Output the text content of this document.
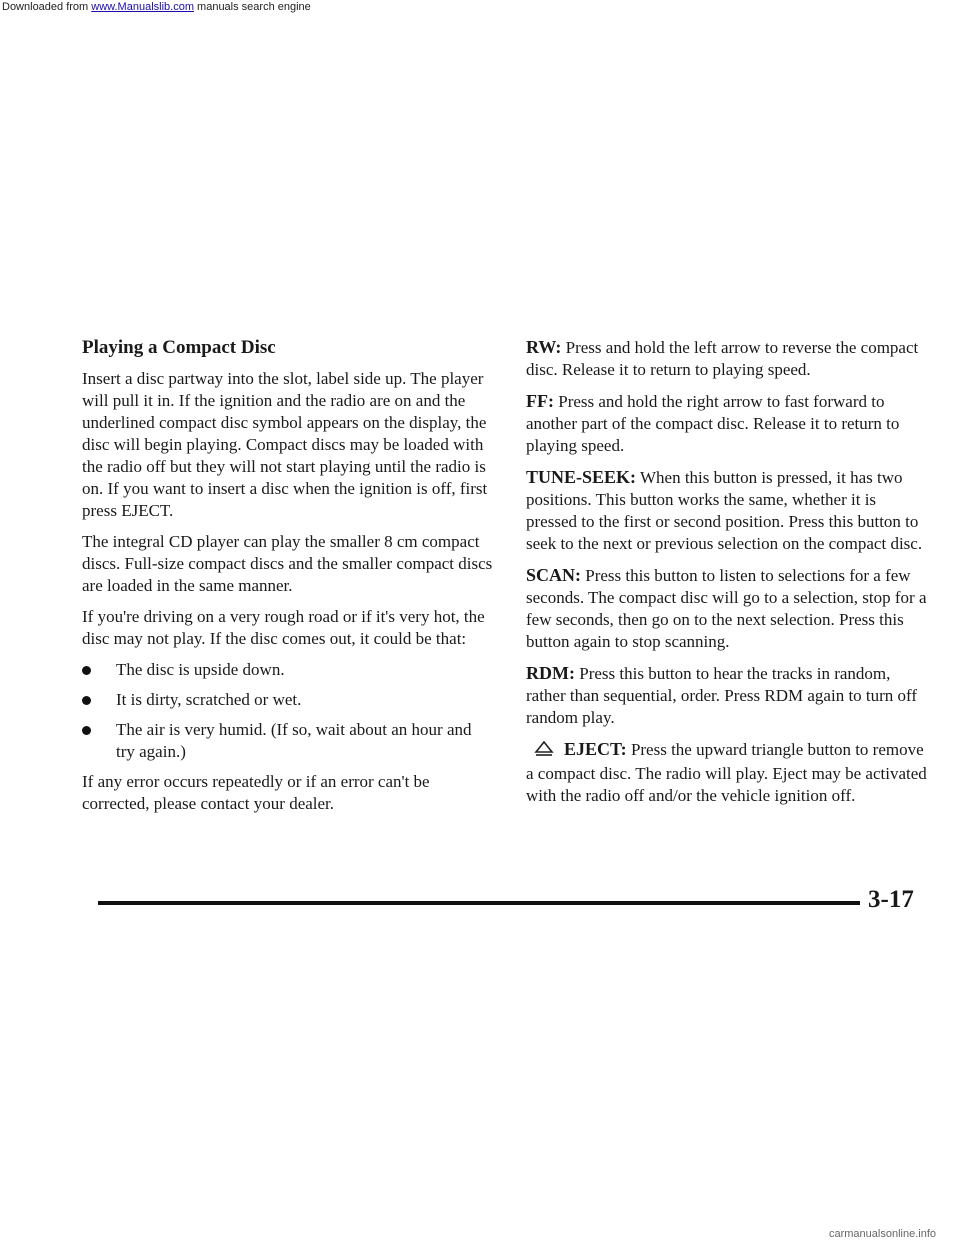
Downloaded from www.Manualslib.com manuals search engine
Playing a Compact Disc

Insert a disc partway into the slot, label side up. The player will pull it in. If the ignition and the radio are on and the underlined compact disc symbol appears on the display, the disc will begin playing. Compact discs may be loaded with the radio off but they will not start playing until the radio is on. If you want to insert a disc when the ignition is off, first press EJECT.

The integral CD player can play the smaller 8 cm compact discs. Full-size compact discs and the smaller compact discs are loaded in the same manner.

If you're driving on a very rough road or if it's very hot, the disc may not play. If the disc comes out, it could be that:

The disc is upside down.
It is dirty, scratched or wet.
The air is very humid. (If so, wait about an hour and try again.)

If any error occurs repeatedly or if an error can't be corrected, please contact your dealer.

RW: Press and hold the left arrow to reverse the compact disc. Release it to return to playing speed.

FF: Press and hold the right arrow to fast forward to another part of the compact disc. Release it to return to playing speed.

TUNE-SEEK: When this button is pressed, it has two positions. This button works the same, whether it is pressed to the first or second position. Press this button to seek to the next or previous selection on the compact disc.

SCAN: Press this button to listen to selections for a few seconds. The compact disc will go to a selection, stop for a few seconds, then go on to the next selection. Press this button again to stop scanning.

RDM: Press this button to hear the tracks in random, rather than sequential, order. Press RDM again to turn off random play.

EJECT: Press the upward triangle button to remove a compact disc. The radio will play. Eject may be activated with the radio off and/or the vehicle ignition off.

3-17
carmanualsonline.info
